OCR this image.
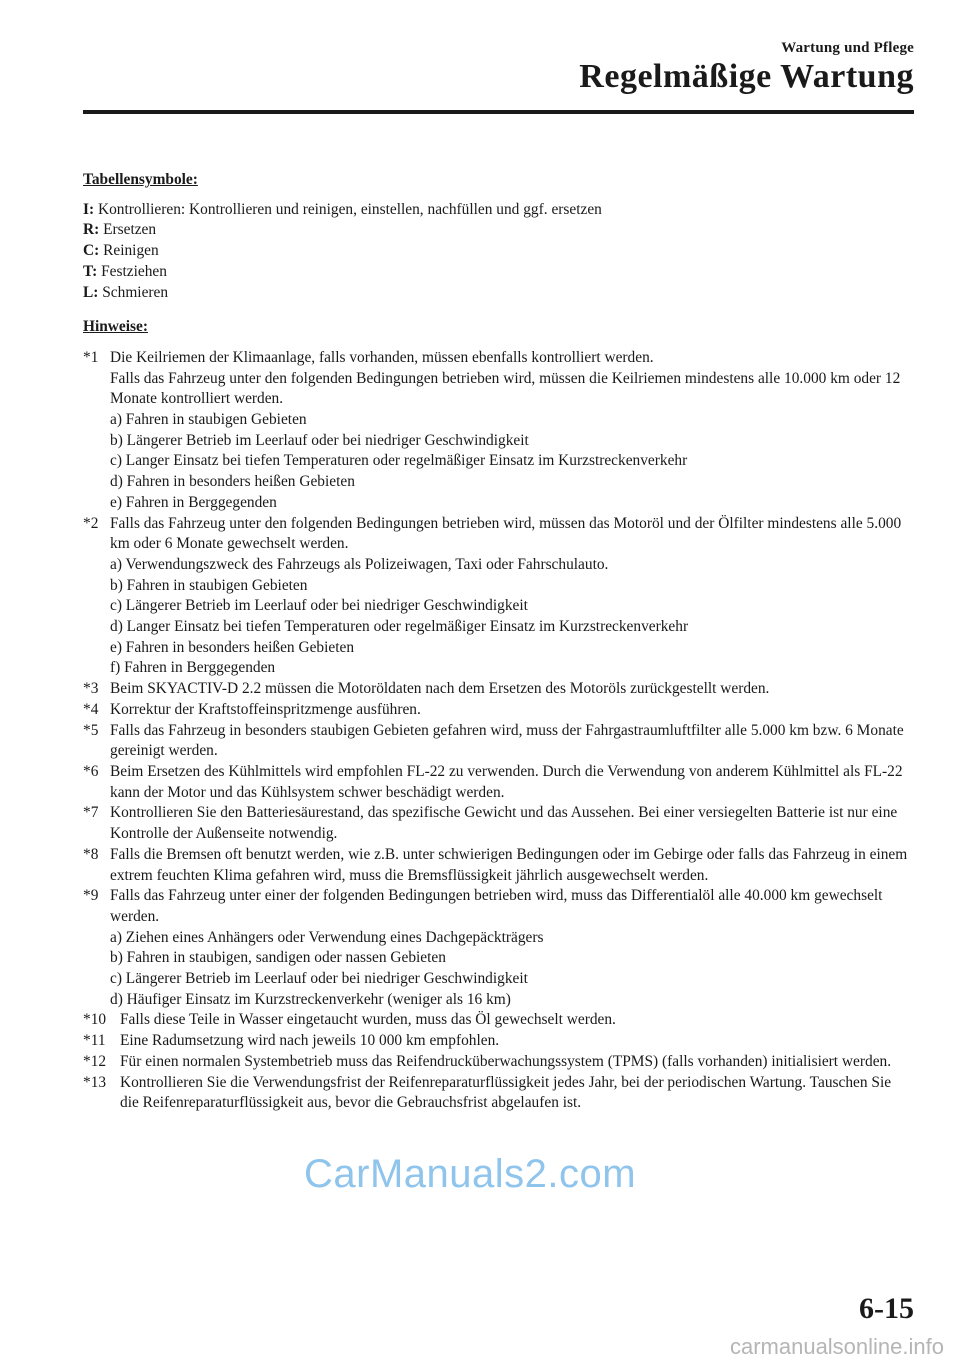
Wartung und Pflege
Regelmäßige Wartung
Tabellensymbole:
I: Kontrollieren: Kontrollieren und reinigen, einstellen, nachfüllen und ggf. ersetzen
R: Ersetzen
C: Reinigen
T: Festziehen
L: Schmieren
Hinweise:
*1 Die Keilriemen der Klimaanlage, falls vorhanden, müssen ebenfalls kontrolliert werden.
Falls das Fahrzeug unter den folgenden Bedingungen betrieben wird, müssen die Keilriemen mindestens alle 10.000 km oder 12 Monate kontrolliert werden.
a) Fahren in staubigen Gebieten
b) Längerer Betrieb im Leerlauf oder bei niedriger Geschwindigkeit
c) Langer Einsatz bei tiefen Temperaturen oder regelmäßiger Einsatz im Kurzstreckenverkehr
d) Fahren in besonders heißen Gebieten
e) Fahren in Berggegenden
*2 Falls das Fahrzeug unter den folgenden Bedingungen betrieben wird, müssen das Motoröl und der Ölfilter mindestens alle 5.000 km oder 6 Monate gewechselt werden.
a) Verwendungszweck des Fahrzeugs als Polizeiwagen, Taxi oder Fahrschulauto.
b) Fahren in staubigen Gebieten
c) Längerer Betrieb im Leerlauf oder bei niedriger Geschwindigkeit
d) Langer Einsatz bei tiefen Temperaturen oder regelmäßiger Einsatz im Kurzstreckenverkehr
e) Fahren in besonders heißen Gebieten
f) Fahren in Berggegenden
*3 Beim SKYACTIV-D 2.2 müssen die Motoröldaten nach dem Ersetzen des Motoröls zurückgestellt werden.
*4 Korrektur der Kraftstoffeinspritzmenge ausführen.
*5 Falls das Fahrzeug in besonders staubigen Gebieten gefahren wird, muss der Fahrgastraumluftfilter alle 5.000 km bzw. 6 Monate gereinigt werden.
*6 Beim Ersetzen des Kühlmittels wird empfohlen FL-22 zu verwenden. Durch die Verwendung von anderem Kühlmittel als FL-22 kann der Motor und das Kühlsystem schwer beschädigt werden.
*7 Kontrollieren Sie den Batteriesäurestand, das spezifische Gewicht und das Aussehen. Bei einer versiegelten Batterie ist nur eine Kontrolle der Außenseite notwendig.
*8 Falls die Bremsen oft benutzt werden, wie z.B. unter schwierigen Bedingungen oder im Gebirge oder falls das Fahrzeug in einem extrem feuchten Klima gefahren wird, muss die Bremsflüssigkeit jährlich ausgewechselt werden.
*9 Falls das Fahrzeug unter einer der folgenden Bedingungen betrieben wird, muss das Differentialöl alle 40.000 km gewechselt werden.
a) Ziehen eines Anhängers oder Verwendung eines Dachgepäckträgers
b) Fahren in staubigen, sandigen oder nassen Gebieten
c) Längerer Betrieb im Leerlauf oder bei niedriger Geschwindigkeit
d) Häufiger Einsatz im Kurzstreckenverkehr (weniger als 16 km)
*10 Falls diese Teile in Wasser eingetaucht wurden, muss das Öl gewechselt werden.
*11 Eine Radumsetzung wird nach jeweils 10 000 km empfohlen.
*12 Für einen normalen Systembetrieb muss das Reifendrucküberwachungssystem (TPMS) (falls vorhanden) initialisiert werden.
*13 Kontrollieren Sie die Verwendungsfrist der Reifenreparaturflüssigkeit jedes Jahr, bei der periodischen Wartung. Tauschen Sie die Reifenreparaturflüssigkeit aus, bevor die Gebrauchsfrist abgelaufen ist.
CarManuals2.com
6-15
carmanualsonline.info
